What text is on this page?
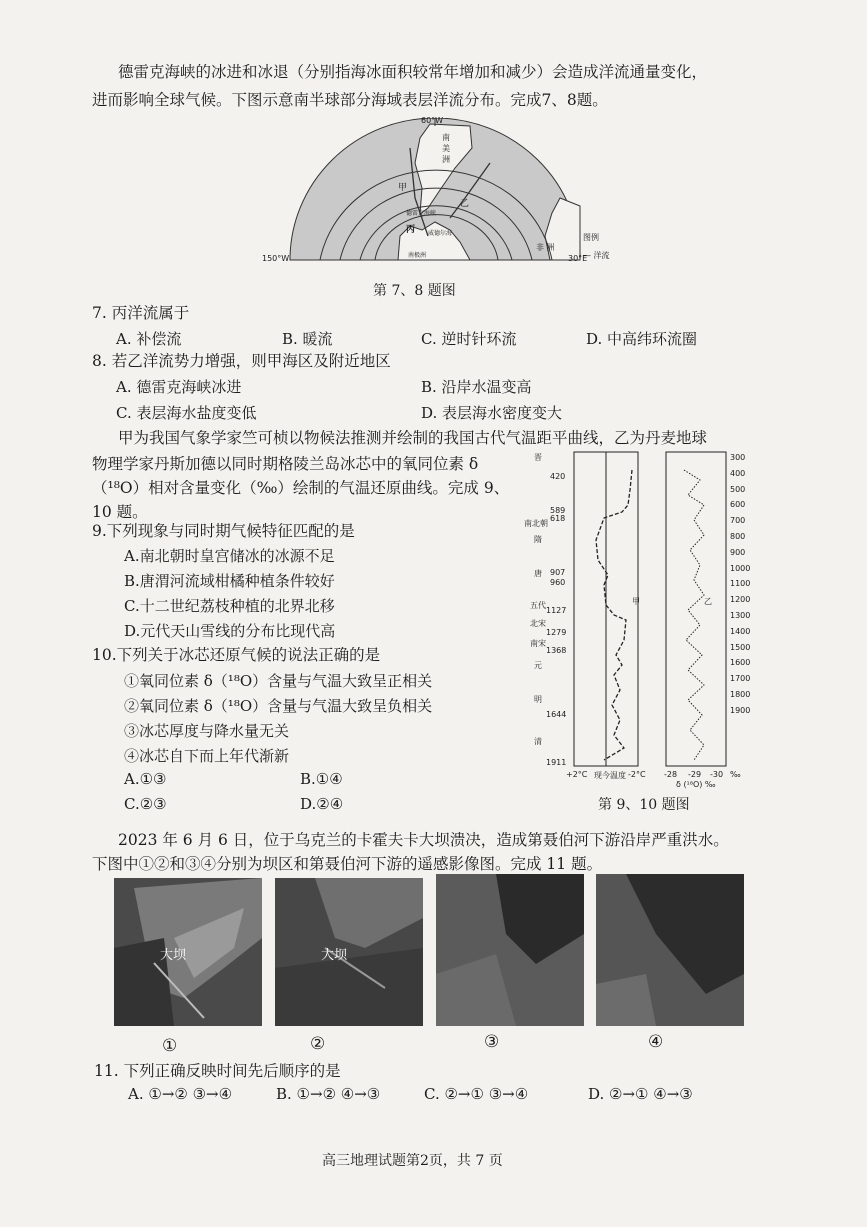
德雷克海峡的冰进和冰退（分别指海冰面积较常年增加和减少）会造成洋流通量变化，
进而影响全球气候。下图示意南半球部分海域表层洋流分布。完成7、8题。
60°W
150°W	30°E
南美洲
非 洲
甲
乙
丙
德雷克海峡
威德尔海
南极洲
图例
— 洋流
第 7、8 题图
7. 丙洋流属于
A. 补偿流	B. 暖流	C. 逆时针环流	D. 中高纬环流圈
8. 若乙洋流势力增强，则甲海区及附近地区
A. 德雷克海峡冰进	B. 沿岸水温变高
C. 表层海水盐度变低	D. 表层海水密度变大
甲为我国气象学家竺可桢以物候法推测并绘制的我国古代气温距平曲线，乙为丹麦地球
物理学家丹斯加德以同时期格陵兰岛冰芯中的氧同位素 δ
（¹⁸O）相对含量变化（‰）绘制的气温还原曲线。完成 9、
10 题。
9.下列现象与同时期气候特征匹配的是
A.南北朝时皇宫储冰的冰源不足
B.唐渭河流域柑橘种植条件较好
C.十二世纪荔枝种植的北界北移
D.元代天山雪线的分布比现代高
10.下列关于冰芯还原气候的说法正确的是
①氧同位素 δ（¹⁸O）含量与气温大致呈正相关
②氧同位素 δ（¹⁸O）含量与气温大致呈负相关
③冰芯厚度与降水量无关
④冰芯自下而上年代渐新
A.①③	B.①④
C.②③	D.②④
晋
南北朝
隋
唐
五代
北宋
南宋
元
明
清
420
589
618
907
960
1127
1279
1368
1644
1911
300
400
500
600
700
800
900
1000
1100
1200
1300
1400
1500
1600
1700
1800
1900
甲	乙
+2°C 现今温度 -2°C -28 -29 -30 ‰
δ (¹⁸O) ‰
第 9、10 题图
2023 年 6 月 6 日，位于乌克兰的卡霍夫卡大坝溃决，造成第聂伯河下游沿岸严重洪水。
下图中①②和③④分别为坝区和第聂伯河下游的遥感影像图。完成 11 题。
大坝	大坝
①	②	③	④
11. 下列正确反映时间先后顺序的是
A. ①→② ③→④	B. ①→② ④→③	C. ②→① ③→④	D. ②→① ④→③
高三地理试题第2页，共 7 页
